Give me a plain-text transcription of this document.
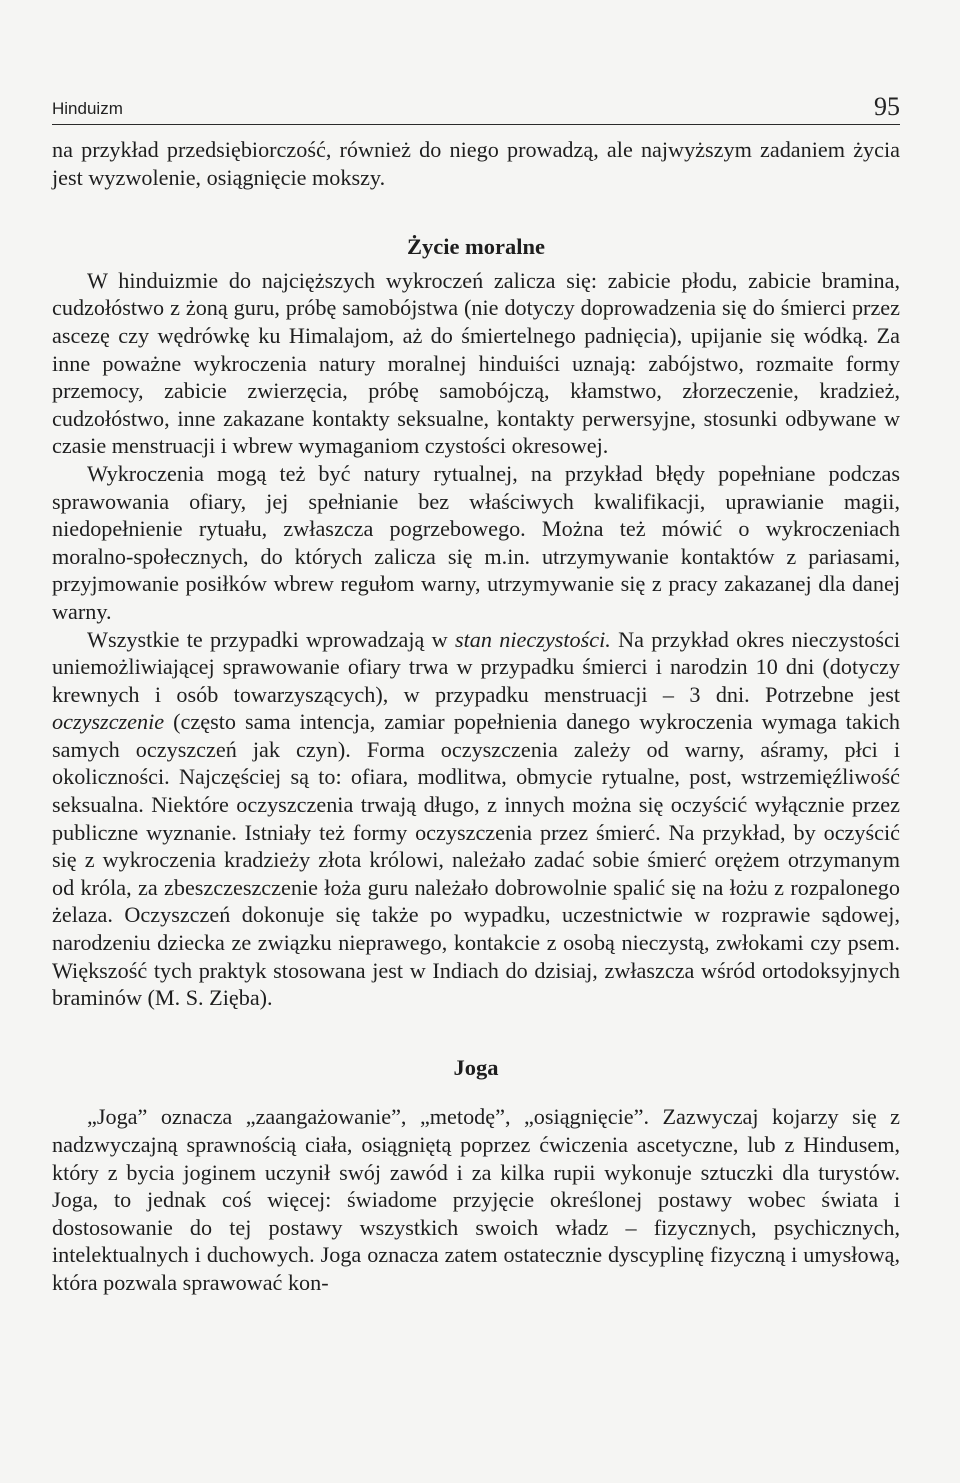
Hinduizm	95

na przykład przedsiębiorczość, również do niego prowadzą, ale najwyższym zadaniem życia jest wyzwolenie, osiągnięcie mokszy.

Życie moralne

W hinduizmie do najcięższych wykroczeń zalicza się: zabicie płodu, zabicie bramina, cudzołóstwo z żoną guru, próbę samobójstwa (nie dotyczy doprowadzenia się do śmierci przez ascezę czy wędrówkę ku Himalajom, aż do śmiertelnego padnięcia), upijanie się wódką. Za inne poważne wykroczenia natury moralnej hinduiści uznają: zabójstwo, rozmaite formy przemocy, zabicie zwierzęcia, próbę samobójczą, kłamstwo, złorzeczenie, kradzież, cudzołóstwo, inne zakazane kontakty seksualne, kontakty perwersyjne, stosunki odbywane w czasie menstruacji i wbrew wymaganiom czystości okresowej.

Wykroczenia mogą też być natury rytualnej, na przykład błędy popełniane podczas sprawowania ofiary, jej spełnianie bez właściwych kwalifikacji, uprawianie magii, niedopełnienie rytuału, zwłaszcza pogrzebowego. Można też mówić o wykroczeniach moralno-społecznych, do których zalicza się m.in. utrzymywanie kontaktów z pariasami, przyjmowanie posiłków wbrew regułom warny, utrzymywanie się z pracy zakazanej dla danej warny.

Wszystkie te przypadki wprowadzają w stan nieczystości. Na przykład okres nieczystości uniemożliwiającej sprawowanie ofiary trwa w przypadku śmierci i narodzin 10 dni (dotyczy krewnych i osób towarzyszących), w przypadku menstruacji – 3 dni. Potrzebne jest oczyszczenie (często sama intencja, zamiar popełnienia danego wykroczenia wymaga takich samych oczyszczeń jak czyn). Forma oczyszczenia zależy od warny, aśramy, płci i okoliczności. Najczęściej są to: ofiara, modlitwa, obmycie rytualne, post, wstrzemięźliwość seksualna. Niektóre oczyszczenia trwają długo, z innych można się oczyścić wyłącznie przez publiczne wyznanie. Istniały też formy oczyszczenia przez śmierć. Na przykład, by oczyścić się z wykroczenia kradzieży złota królowi, należało zadać sobie śmierć orężem otrzymanym od króla, za zbeszczeszczenie łoża guru należało dobrowolnie spalić się na łożu z rozpalonego żelaza. Oczyszczeń dokonuje się także po wypadku, uczestnictwie w rozprawie sądowej, narodzeniu dziecka ze związku nieprawego, kontakcie z osobą nieczystą, zwłokami czy psem. Większość tych praktyk stosowana jest w Indiach do dzisiaj, zwłaszcza wśród ortodoksyjnych braminów (M. S. Zięba).

Joga

„Joga” oznacza „zaangażowanie”, „metodę”, „osiągnięcie”. Zazwyczaj kojarzy się z nadzwyczajną sprawnością ciała, osiągniętą poprzez ćwiczenia ascetyczne, lub z Hindusem, który z bycia joginem uczynił swój zawód i za kilka rupii wykonuje sztuczki dla turystów. Joga, to jednak coś więcej: świadome przyjęcie określonej postawy wobec świata i dostosowanie do tej postawy wszystkich swoich władz – fizycznych, psychicznych, intelektualnych i duchowych. Joga oznacza zatem ostatecznie dyscyplinę fizyczną i umysłową, która pozwala sprawować kon-
